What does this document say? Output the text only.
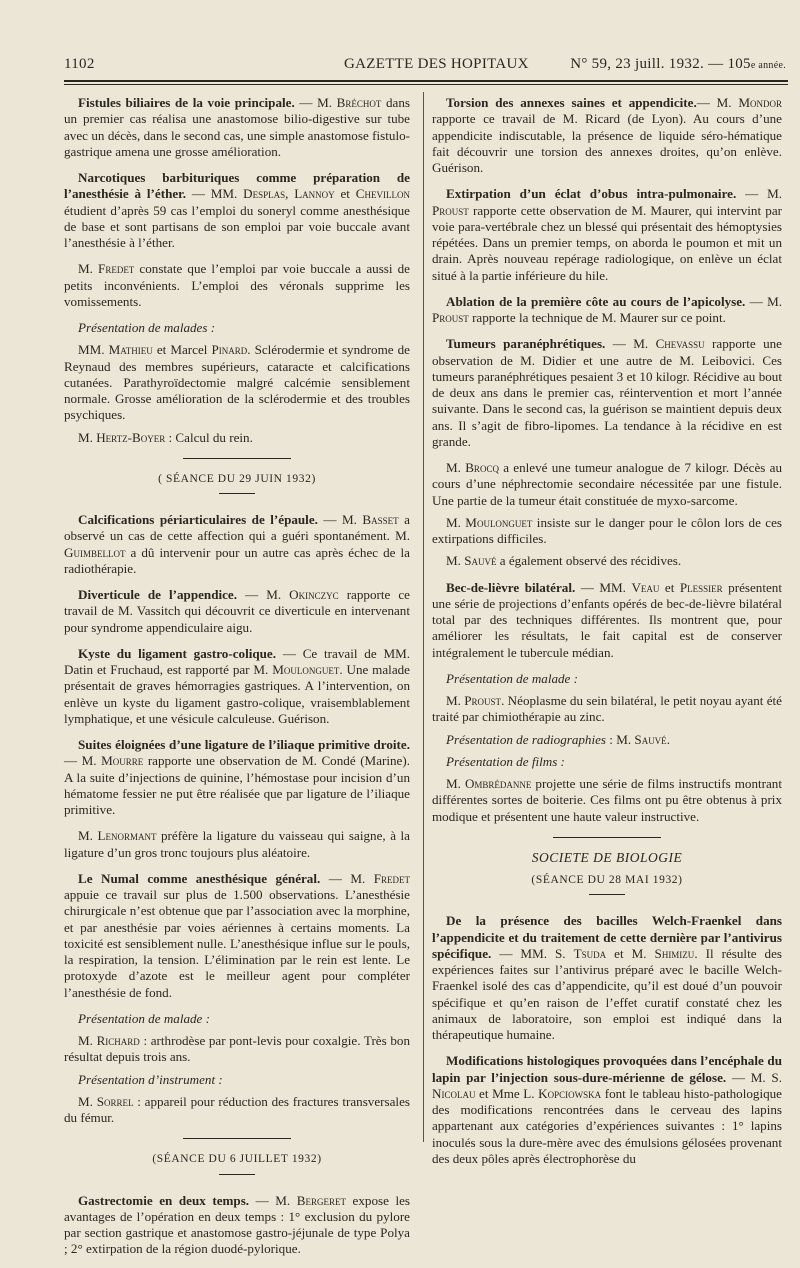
1102	GAZETTE DES HOPITAUX	N° 59, 23 juill. 1932. — 105e année.

Fistules biliaires de la voie principale. — M. Bréchot dans un premier cas réalisa une anastomose bilio-digestive sur tube avec un décès, dans le second cas, une simple anastomose fistulo-gastrique amena une grosse amélioration.

Narcotiques barbituriques comme préparation de l’anesthésie à l’éther. — MM. Desplas, Lannoy et Chevillon étudient d’après 59 cas l’emploi du soneryl comme anesthésique de base et sont partisans de son emploi par voie buccale avant l’anesthésie à l’éther.

M. Fredet constate que l’emploi par voie buccale a aussi de petits inconvénients. L’emploi des véronals supprime les vomissements.

Présentation de malades :

MM. Mathieu et Marcel Pinard. Sclérodermie et syndrome de Reynaud des membres supérieurs, cataracte et calcifications cutanées. Parathyroïdectomie malgré calcémie sensiblement normale. Grosse amélioration de la sclérodermie et des troubles psychiques.

M. Hertz-Boyer : Calcul du rein.

( SÉANCE DU 29 JUIN 1932)

Calcifications périarticulaires de l’épaule. — M. Basset a observé un cas de cette affection qui a guéri spontanément. M. Guimbellot a dû intervenir pour un autre cas après échec de la radiothérapie.

Diverticule de l’appendice. — M. Okinczyc rapporte ce travail de M. Vassitch qui découvrit ce diverticule en intervenant pour syndrome appendiculaire aigu.

Kyste du ligament gastro-colique. — Ce travail de MM. Datin et Fruchaud, est rapporté par M. Moulonguet. Une malade présentait de graves hémorragies gastriques. A l’intervention, on enlève un kyste du ligament gastro-colique, vraisemblablement lymphatique, et une vésicule calculeuse. Guérison.

Suites éloignées d’une ligature de l’iliaque primitive droite. — M. Mourre rapporte une observation de M. Condé (Marine). A la suite d’injections de quinine, l’hémostase pour incision d’un hématome fessier ne put être réalisée que par ligature de l’iliaque primitive.

M. Lenormant préfère la ligature du vaisseau qui saigne, à la ligature d’un gros tronc toujours plus aléatoire.

Le Numal comme anesthésique général. — M. Fredet appuie ce travail sur plus de 1.500 observations. L’anesthésie chirurgicale n’est obtenue que par l’association avec la morphine, et par anesthésie par voies aériennes à certains moments. La toxicité est sensiblement nulle. L’anesthésique influe sur le pouls, la respiration, la tension. L’élimination par le rein est lente. Le protoxyde d’azote est le meilleur agent pour compléter l’anesthésie de fond.

Présentation de malade :

M. Richard : arthrodèse par pont-levis pour coxalgie. Très bon résultat depuis trois ans.

Présentation d’instrument :

M. Sorrel : appareil pour réduction des fractures transversales du fémur.

(SÉANCE DU 6 JUILLET 1932)

Gastrectomie en deux temps. — M. Bergeret expose les avantages de l’opération en deux temps : 1° exclusion du pylore par section gastrique et anastomose gastro-jéjunale de type Polya ; 2° extirpation de la région duodé-pylorique.

Torsion des annexes saines et appendicite.— M. Mondor rapporte ce travail de M. Ricard (de Lyon). Au cours d’une appendicite indiscutable, la présence de liquide séro-hématique fait découvrir une torsion des annexes droites, qu’on enlève. Guérison.

Extirpation d’un éclat d’obus intra-pulmonaire. — M. Proust rapporte cette observation de M. Maurer, qui intervint par voie para-vertébrale chez un blessé qui présentait des hémoptysies répétées. Dans un premier temps, on aborda le poumon et mit un drain. Après nouveau repérage radiologique, on enlève un éclat situé à la partie inférieure du hile.

Ablation de la première côte au cours de l’apicolyse. — M. Proust rapporte la technique de M. Maurer sur ce point.

Tumeurs paranéphrétiques. — M. Chevassu rapporte une observation de M. Didier et une autre de M. Leibovici. Ces tumeurs paranéphrétiques pesaient 3 et 10 kilogr. Récidive au bout de deux ans dans le premier cas, réintervention et mort l’année suivante. Dans le second cas, la guérison se maintient depuis deux ans. Il s’agit de fibro-lipomes. La tendance à la récidive en est grande.

M. Brocq a enlevé une tumeur analogue de 7 kilogr. Décès au cours d’une néphrectomie secondaire nécessitée par une fistule. Une partie de la tumeur était constituée de myxo-sarcome.

M. Moulonguet insiste sur le danger pour le côlon lors de ces extirpations difficiles.

M. Sauvé a également observé des récidives.

Bec-de-lièvre bilatéral. — MM. Veau et Plessier présentent une série de projections d’enfants opérés de bec-de-lièvre bilatéral total par des techniques différentes. Ils montrent que, pour améliorer les résultats, le fait capital est de conserver intégralement le tubercule médian.

Présentation de malade :

M. Proust. Néoplasme du sein bilatéral, le petit noyau ayant été traité par chimiothérapie au zinc.

Présentation de radiographies : M. Sauvé.

Présentation de films :

M. Ombrédanne projette une série de films instructifs montrant différentes sortes de boiterie. Ces films ont pu être obtenus à prix modique et présentent une haute valeur instructive.

SOCIETE DE BIOLOGIE
(SÉANCE DU 28 MAI 1932)

De la présence des bacilles Welch-Fraenkel dans l’appendicite et du traitement de cette dernière par l’antivirus spécifique. — MM. S. Tsuda et M. Shimizu. Il résulte des expériences faites sur l’antivirus préparé avec le bacille Welch-Fraenkel isolé des cas d’appendicite, qu’il est doué d’un pouvoir spécifique et qu’en raison de l’effet curatif constaté chez les animaux de laboratoire, son emploi est indiqué dans la thérapeutique humaine.

Modifications histologiques provoquées dans l’encéphale du lapin par l’injection sous-dure-mérienne de gélose. — M. S. Nicolau et Mme L. Kopciowska font le tableau histo-pathologique des modifications rencontrées dans le cerveau des lapins appartenant aux catégories d’expériences suivantes : 1° lapins inoculés sous la dure-mère avec des émulsions gélosées provenant des deux pôles après électrophorèse du
